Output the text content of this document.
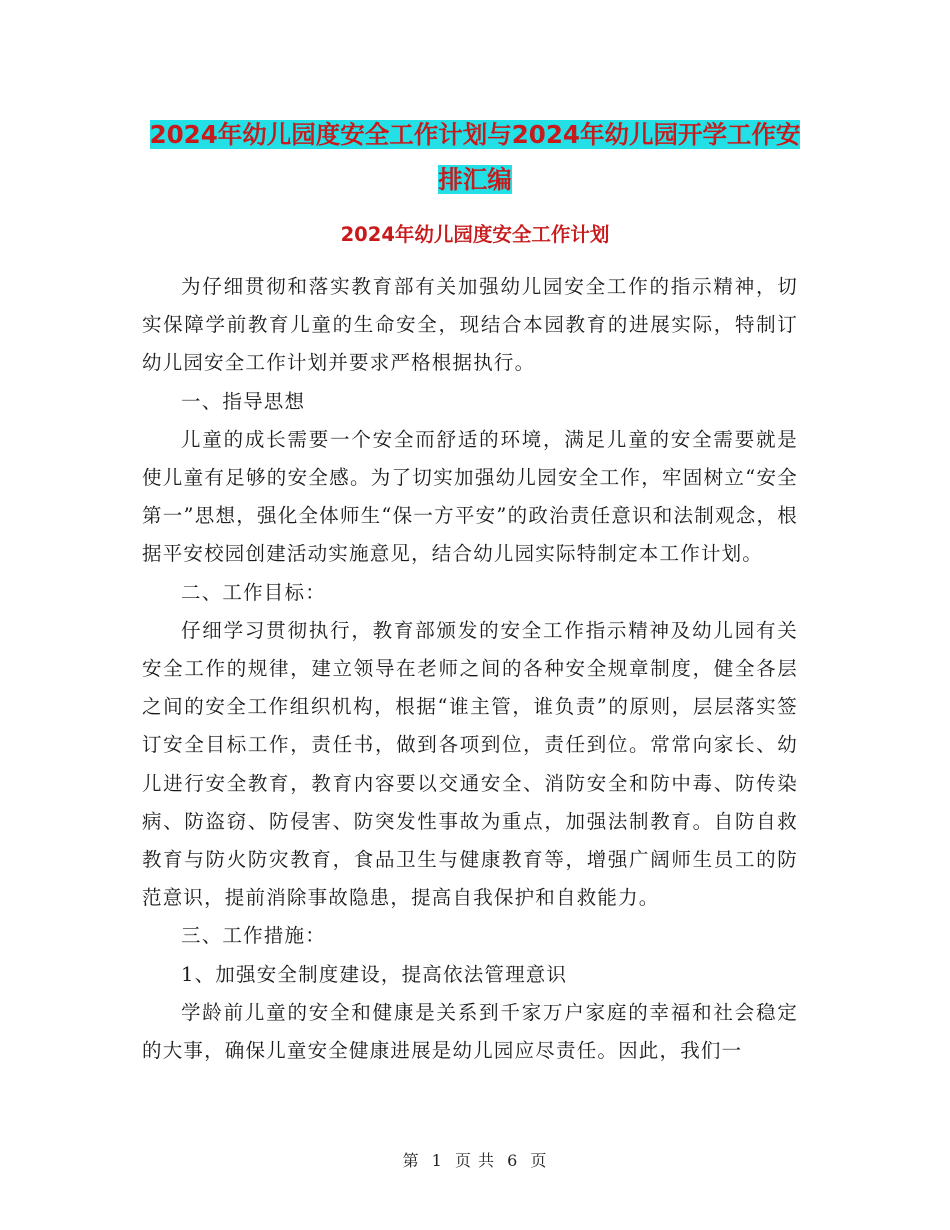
2024年幼儿园度安全工作计划与2024年幼儿园开学工作安排汇编
2024年幼儿园度安全工作计划

为仔细贯彻和落实教育部有关加强幼儿园安全工作的指示精神，切实保障学前教育儿童的生命安全，现结合本园教育的进展实际，特制订幼儿园安全工作计划并要求严格根据执行。

一、指导思想

儿童的成长需要一个安全而舒适的环境，满足儿童的安全需要就是使儿童有足够的安全感。为了切实加强幼儿园安全工作，牢固树立“安全第一”思想，强化全体师生“保一方平安”的政治责任意识和法制观念，根据平安校园创建活动实施意见，结合幼儿园实际特制定本工作计划。

二、工作目标：

仔细学习贯彻执行，教育部颁发的安全工作指示精神及幼儿园有关安全工作的规律，建立领导在老师之间的各种安全规章制度，健全各层之间的安全工作组织机构，根据“谁主管，谁负责”的原则，层层落实签订安全目标工作，责任书，做到各项到位，责任到位。常常向家长、幼儿进行安全教育，教育内容要以交通安全、消防安全和防中毒、防传染病、防盗窃、防侵害、防突发性事故为重点，加强法制教育。自防自救教育与防火防灾教育，食品卫生与健康教育等，增强广阔师生员工的防范意识，提前消除事故隐患，提高自我保护和自救能力。

三、工作措施：

1、加强安全制度建设，提高依法管理意识

学龄前儿童的安全和健康是关系到千家万户家庭的幸福和社会稳定的大事，确保儿童安全健康进展是幼儿园应尽责任。因此，我们一

第 1 页 共 6 页
